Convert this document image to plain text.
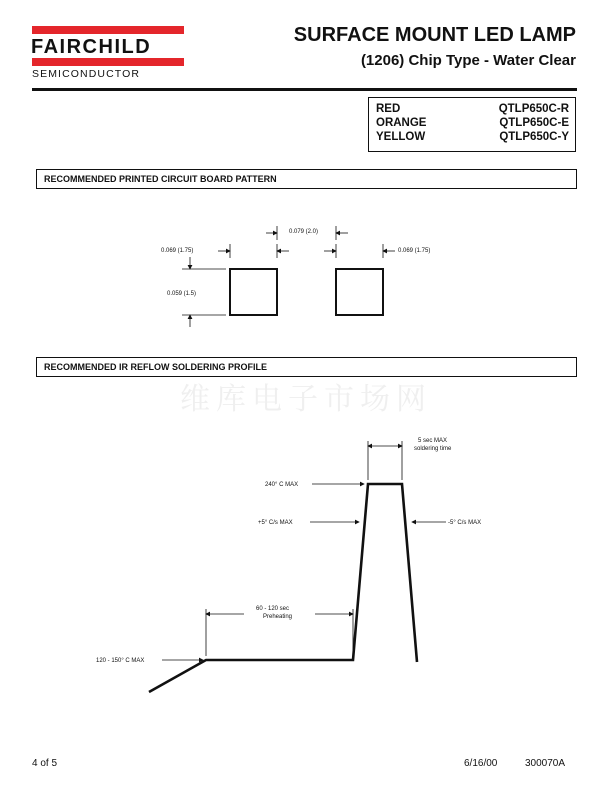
FAIRCHILD
SEMICONDUCTOR
SURFACE MOUNT LED LAMP
(1206) Chip Type - Water Clear
RED	QTLP650C-R
ORANGE	QTLP650C-E
YELLOW	QTLP650C-Y
RECOMMENDED PRINTED CIRCUIT BOARD PATTERN
RECOMMENDED IR REFLOW SOLDERING PROFILE
维库电子市场网
0.079 (2.0)
0.069 (1.75)	0.069 (1.75)
0.059 (1.5)
5 sec MAX
soldering time
240° C MAX
+5° C/s MAX	-5° C/s MAX
60 - 120 sec
Preheating
120 - 150° C MAX
4 of 5	6/16/00	300070A
